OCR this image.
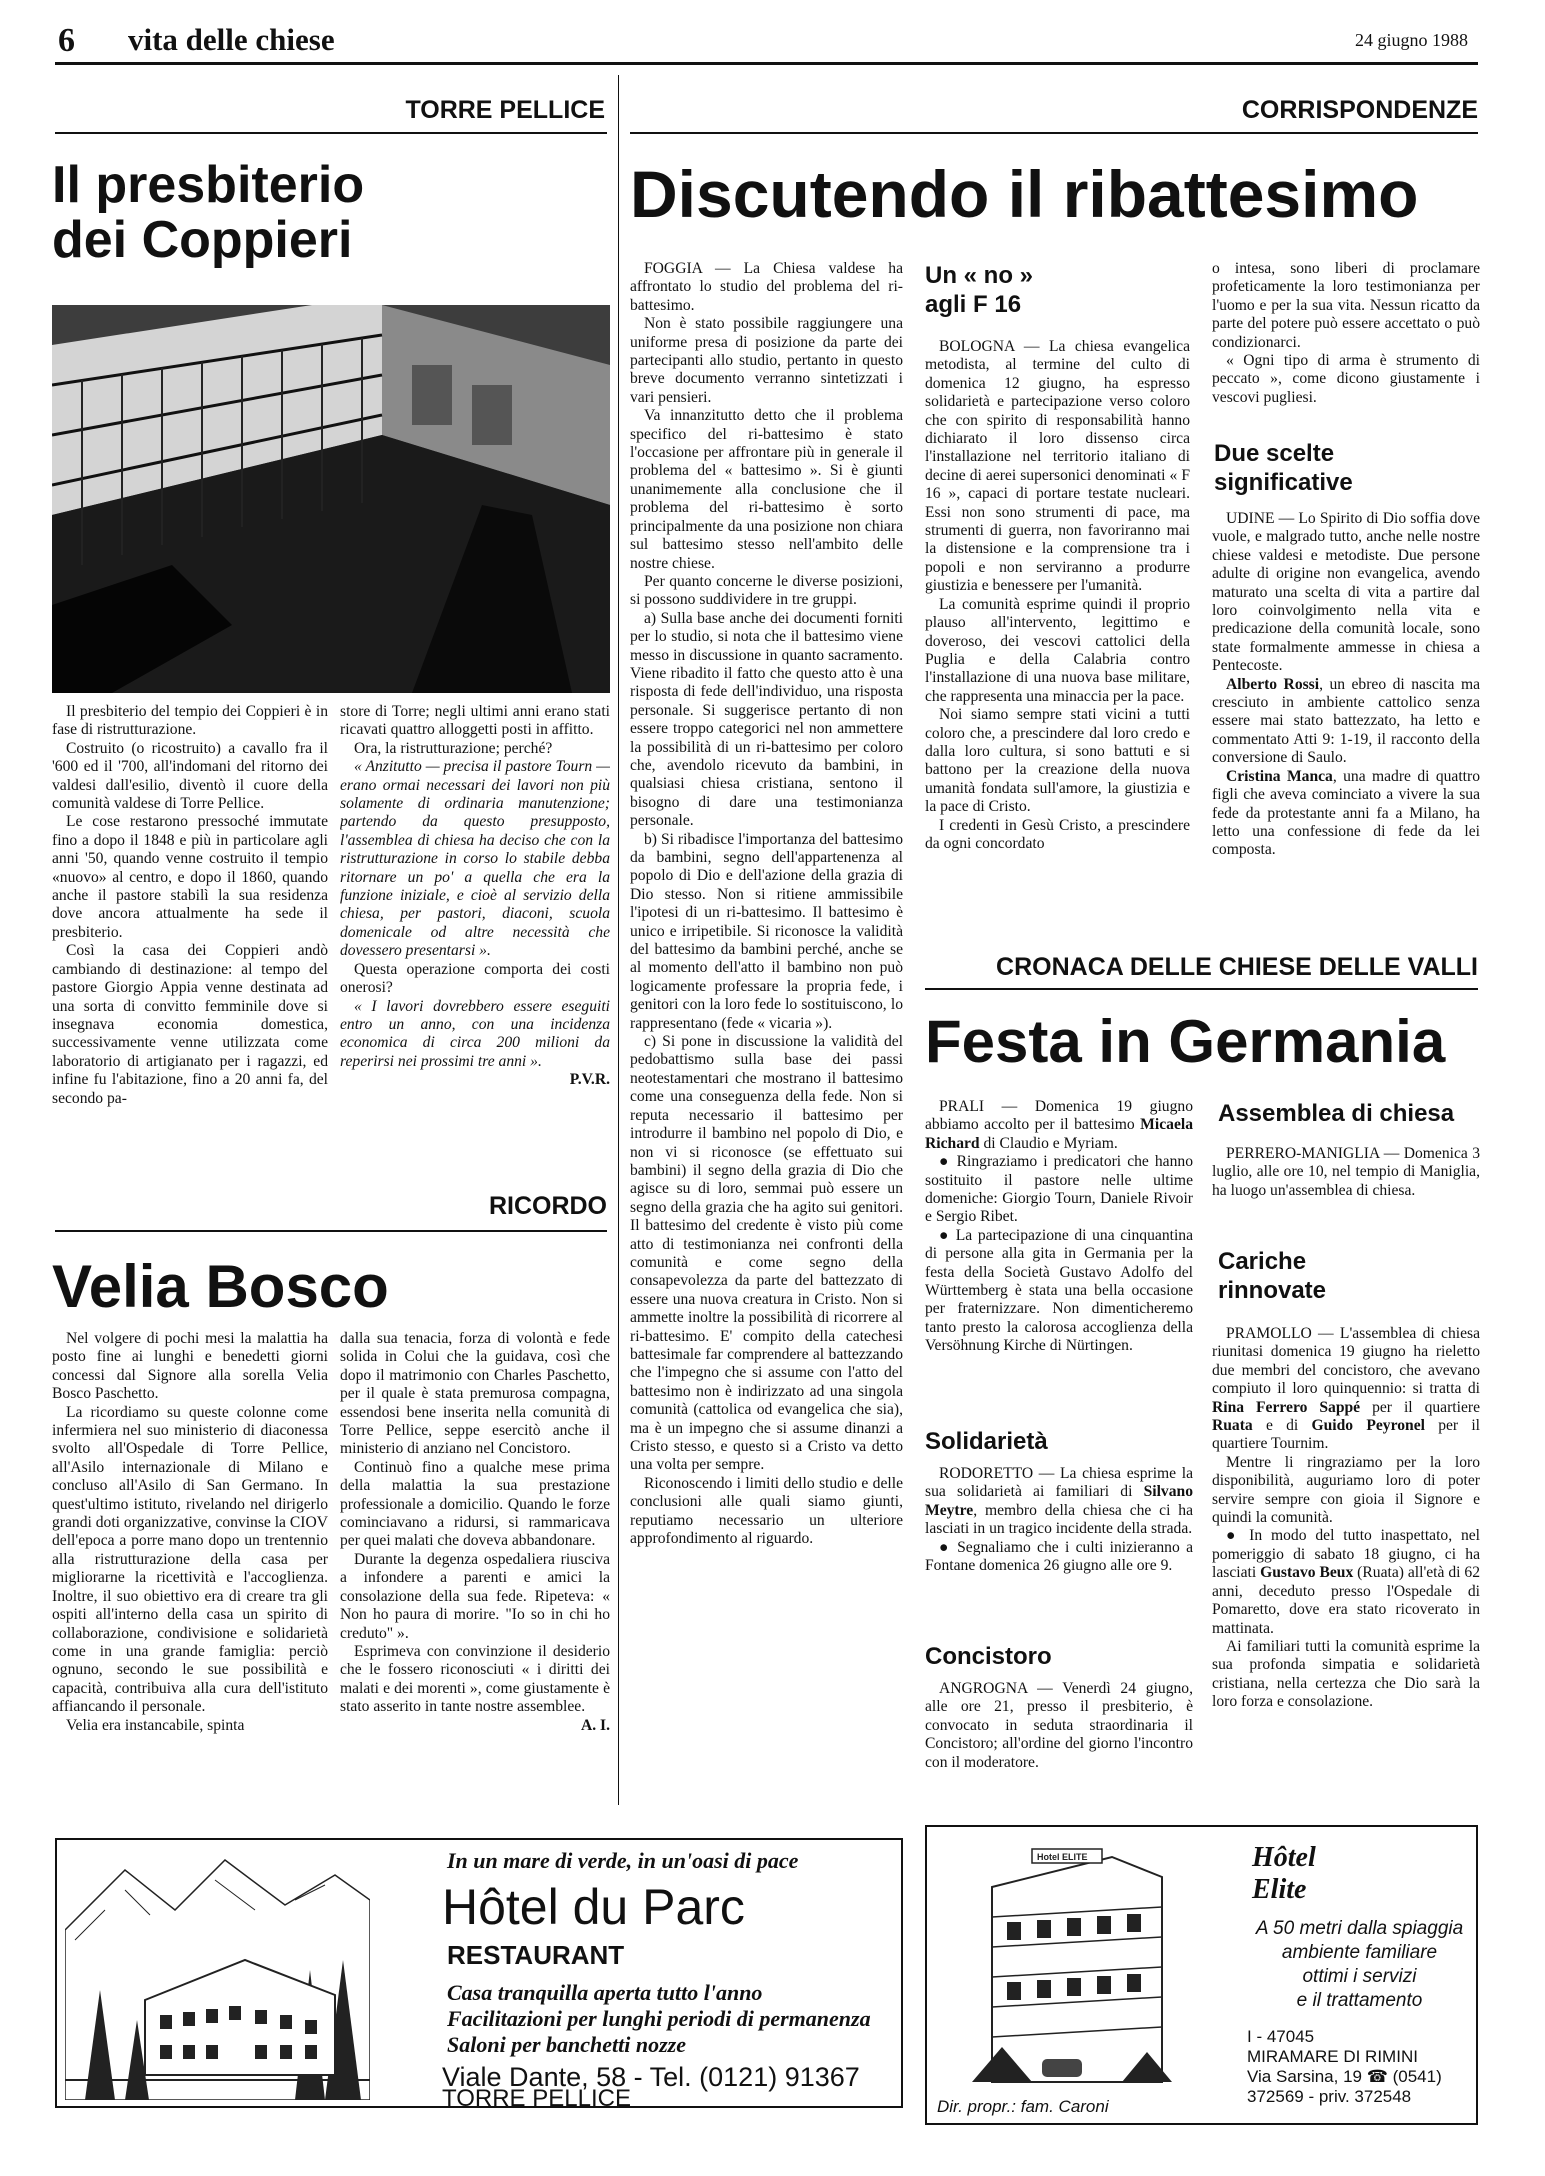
6 vita delle chiese	24 giugno 1988
TORRE PELLICE	CORRISPONDENZE
Il presbiterio
dei Coppieri

Il presbiterio del tempio dei Coppieri è in fase di ristrutturazione.

Costruito (o ricostruito) a cavallo fra il '600 ed il '700, all'indomani del ritorno dei valdesi dall'esilio, diventò il cuore della comunità valdese di Torre Pellice.

Le cose restarono pressoché immutate fino a dopo il 1848 e più in particolare agli anni '50, quando venne costruito il tempio «nuovo» al centro, e dopo il 1860, quando anche il pastore stabilì la sua residenza dove ancora attualmente ha sede il presbiterio.

Così la casa dei Coppieri andò cambiando di destinazione: al tempo del pastore Giorgio Appia venne destinata ad una sorta di convitto femminile dove si insegnava economia domestica, successivamente venne utilizzata come laboratorio di artigianato per i ragazzi, ed infine fu l'abitazione, fino a 20 anni fa, del secondo pa-

store di Torre; negli ultimi anni erano stati ricavati quattro alloggetti posti in affitto.

Ora, la ristrutturazione; perché?

« Anzitutto — precisa il pastore Tourn — erano ormai necessari dei lavori non più solamente di ordinaria manutenzione; partendo da questo presupposto, l'assemblea di chiesa ha deciso che con la ristrutturazione in corso lo stabile debba ritornare un po' a quella che era la funzione iniziale, e cioè al servizio della chiesa, per pastori, diaconi, scuola domenicale od altre necessità che dovessero presentarsi ».

Questa operazione comporta dei costi onerosi?

« I lavori dovrebbero essere eseguiti entro un anno, con una incidenza economica di circa 200 milioni da reperirsi nei prossimi tre anni ».

P.V.R.
RICORDO
Velia Bosco

Nel volgere di pochi mesi la malattia ha posto fine ai lunghi e benedetti giorni concessi dal Signore alla sorella Velia Bosco Paschetto.

La ricordiamo su queste colonne come infermiera nel suo ministerio di diaconessa svolto all'Ospedale di Torre Pellice, all'Asilo internazionale di Milano e concluso all'Asilo di San Germano. In quest'ultimo istituto, rivelando nel dirigerlo grandi doti organizzative, convinse la CIOV dell'epoca a porre mano dopo un trentennio alla ristrutturazione della casa per migliorarne la ricettività e l'accoglienza. Inoltre, il suo obiettivo era di creare tra gli ospiti all'interno della casa un spirito di collaborazione, condivisione e solidarietà come in una grande famiglia: perciò ognuno, secondo le sue possibilità e capacità, contribuiva alla cura dell'istituto affiancando il personale.

Velia era instancabile, spinta

dalla sua tenacia, forza di volontà e fede solida in Colui che la guidava, così che dopo il matrimonio con Charles Paschetto, per il quale è stata premurosa compagna, essendosi bene inserita nella comunità di Torre Pellice, seppe esercitò anche il ministerio di anziano nel Concistoro.

Continuò fino a qualche mese prima della malattia la sua prestazione professionale a domicilio. Quando le forze cominciavano a ridursi, si rammaricava per quei malati che doveva abbandonare.

Durante la degenza ospedaliera riusciva a infondere a parenti e amici la consolazione della sua fede. Ripeteva: « Non ho paura di morire. "Io so in chi ho creduto" ».

Esprimeva con convinzione il desiderio che le fossero riconosciuti « i diritti dei malati e dei morenti », come giustamente è stato asserito in tante nostre assemblee.

A. I.
Discutendo il ribattesimo

FOGGIA — La Chiesa valdese ha affrontato lo studio del problema del ri-battesimo.

Non è stato possibile raggiungere una uniforme presa di posizione da parte dei partecipanti allo studio, pertanto in questo breve documento verranno sintetizzati i vari pensieri.

Va innanzitutto detto che il problema specifico del ri-battesimo è stato l'occasione per affrontare più in generale il problema del « battesimo ». Si è giunti unanimemente alla conclusione che il problema del ri-battesimo è sorto principalmente da una posizione non chiara sul battesimo stesso nell'ambito delle nostre chiese.

Per quanto concerne le diverse posizioni, si possono suddividere in tre gruppi.

a) Sulla base anche dei documenti forniti per lo studio, si nota che il battesimo viene messo in discussione in quanto sacramento. Viene ribadito il fatto che questo atto è una risposta di fede dell'individuo, una risposta personale. Si suggerisce pertanto di non essere troppo categorici nel non ammettere la possibilità di un ri-battesimo per coloro che, avendolo ricevuto da bambini, in qualsiasi chiesa cristiana, sentono il bisogno di dare una testimonianza personale.

b) Si ribadisce l'importanza del battesimo da bambini, segno dell'appartenenza al popolo di Dio e dell'azione della grazia di Dio stesso. Non si ritiene ammissibile l'ipotesi di un ri-battesimo. Il battesimo è unico e irripetibile. Si riconosce la validità del battesimo da bambini perché, anche se al momento dell'atto il bambino non può logicamente professare la propria fede, i genitori con la loro fede lo sostituiscono, lo rappresentano (fede « vicaria »).

c) Si pone in discussione la validità del pedobattismo sulla base dei passi neotestamentari che mostrano il battesimo come una conseguenza della fede. Non si reputa necessario il battesimo per introdurre il bambino nel popolo di Dio, e non vi si riconosce (se effettuato sui bambini) il segno della grazia di Dio che agisce su di loro, semmai può essere un segno della grazia che ha agito sui genitori. Il battesimo del credente è visto più come atto di testimonianza nei confronti della comunità e come segno della consapevolezza da parte del battezzato di essere una nuova creatura in Cristo. Non si ammette inoltre la possibilità di ricorrere al ri-battesimo. E' compito della catechesi battesimale far comprendere al battezzando che l'impegno che si assume con l'atto del battesimo non è indirizzato ad una singola comunità (cattolica od evangelica che sia), ma è un impegno che si assume dinanzi a Cristo stesso, e questo si a Cristo va detto una volta per sempre.

Riconoscendo i limiti dello studio e delle conclusioni alle quali siamo giunti, reputiamo necessario un ulteriore approfondimento al riguardo.

Un « no »
agli F 16

BOLOGNA — La chiesa evangelica metodista, al termine del culto di domenica 12 giugno, ha espresso solidarietà e partecipazione verso coloro che con spirito di responsabilità hanno dichiarato il loro dissenso circa l'installazione nel territorio italiano di decine di aerei supersonici denominati « F 16 », capaci di portare testate nucleari. Essi non sono strumenti di pace, ma strumenti di guerra, non favoriranno mai la distensione e la comprensione tra i popoli e non serviranno a produrre giustizia e benessere per l'umanità.

La comunità esprime quindi il proprio plauso all'intervento, legittimo e doveroso, dei vescovi cattolici della Puglia e della Calabria contro l'installazione di una nuova base militare, che rappresenta una minaccia per la pace.

Noi siamo sempre stati vicini a tutti coloro che, a prescindere dal loro credo e dalla loro cultura, si sono battuti e si battono per la creazione della nuova umanità fondata sull'amore, la giustizia e la pace di Cristo.

I credenti in Gesù Cristo, a prescindere da ogni concordato

o intesa, sono liberi di proclamare profeticamente la loro testimonianza per l'uomo e per la sua vita. Nessun ricatto da parte del potere può essere accettato o può condizionarci.

« Ogni tipo di arma è strumento di peccato », come dicono giustamente i vescovi pugliesi.

Due scelte
significative

UDINE — Lo Spirito di Dio soffia dove vuole, e malgrado tutto, anche nelle nostre chiese valdesi e metodiste. Due persone adulte di origine non evangelica, avendo maturato una scelta di vita a partire dal loro coinvolgimento nella vita e predicazione della comunità locale, sono state formalmente ammesse in chiesa a Pentecoste.

Alberto Rossi, un ebreo di nascita ma cresciuto in ambiente cattolico senza essere mai stato battezzato, ha letto e commentato Atti 9: 1-19, il racconto della conversione di Saulo.

Cristina Manca, una madre di quattro figli che aveva cominciato a vivere la sua fede da protestante anni fa a Milano, ha letto una confessione di fede da lei composta.

CRONACA DELLE CHIESE DELLE VALLI
Festa in Germania

PRALI — Domenica 19 giugno abbiamo accolto per il battesimo Micaela Richard di Claudio e Myriam.

● Ringraziamo i predicatori che hanno sostituito il pastore nelle ultime domeniche: Giorgio Tourn, Daniele Rivoir e Sergio Ribet.

● La partecipazione di una cinquantina di persone alla gita in Germania per la festa della Società Gustavo Adolfo del Württemberg è stata una bella occasione per fraternizzare. Non dimenticheremo tanto presto la calorosa accoglienza della Versöhnung Kirche di Nürtingen.

Solidarietà

RODORETTO — La chiesa esprime la sua solidarietà ai familiari di Silvano Meytre, membro della chiesa che ci ha lasciati in un tragico incidente della strada.

● Segnaliamo che i culti inizieranno a Fontane domenica 26 giugno alle ore 9.

Concistoro

ANGROGNA — Venerdì 24 giugno, alle ore 21, presso il presbiterio, è convocato in seduta straordinaria il Concistoro; all'ordine del giorno l'incontro con il moderatore.

Assemblea di chiesa

PERRERO-MANIGLIA — Domenica 3 luglio, alle ore 10, nel tempio di Maniglia, ha luogo un'assemblea di chiesa.

Cariche
rinnovate

PRAMOLLO — L'assemblea di chiesa riunitasi domenica 19 giugno ha rieletto due membri del concistoro, che avevano compiuto il loro quinquennio: si tratta di Rina Ferrero Sappé per il quartiere Ruata e di Guido Peyronel per il quartiere Tournim.

Mentre li ringraziamo per la loro disponibilità, auguriamo loro di poter servire sempre con gioia il Signore e quindi la comunità.

● In modo del tutto inaspettato, nel pomeriggio di sabato 18 giugno, ci ha lasciati Gustavo Beux (Ruata) all'età di 62 anni, deceduto presso l'Ospedale di Pomaretto, dove era stato ricoverato in mattinata.

Ai familiari tutti la comunità esprime la sua profonda simpatia e solidarietà cristiana, nella certezza che Dio sarà la loro forza e consolazione.

In un mare di verde, in un'oasi di pace
Hôtel du Parc
RESTAURANT
Casa tranquilla aperta tutto l'anno
Facilitazioni per lunghi periodi di permanenza
Saloni per banchetti nozze
Viale Dante, 58 - Tel. (0121) 91367
TORRE PELLICE
Hotel ELITE	Hôtel
Elite
A 50 metri dalla spiaggia
ambiente familiare
ottimi i servizi
e il trattamento
I - 47045
MIRAMARE DI RIMINI
Via Sarsina, 19 ☎ (0541)
372569 - priv. 372548
Dir. propr.: fam. Caroni
